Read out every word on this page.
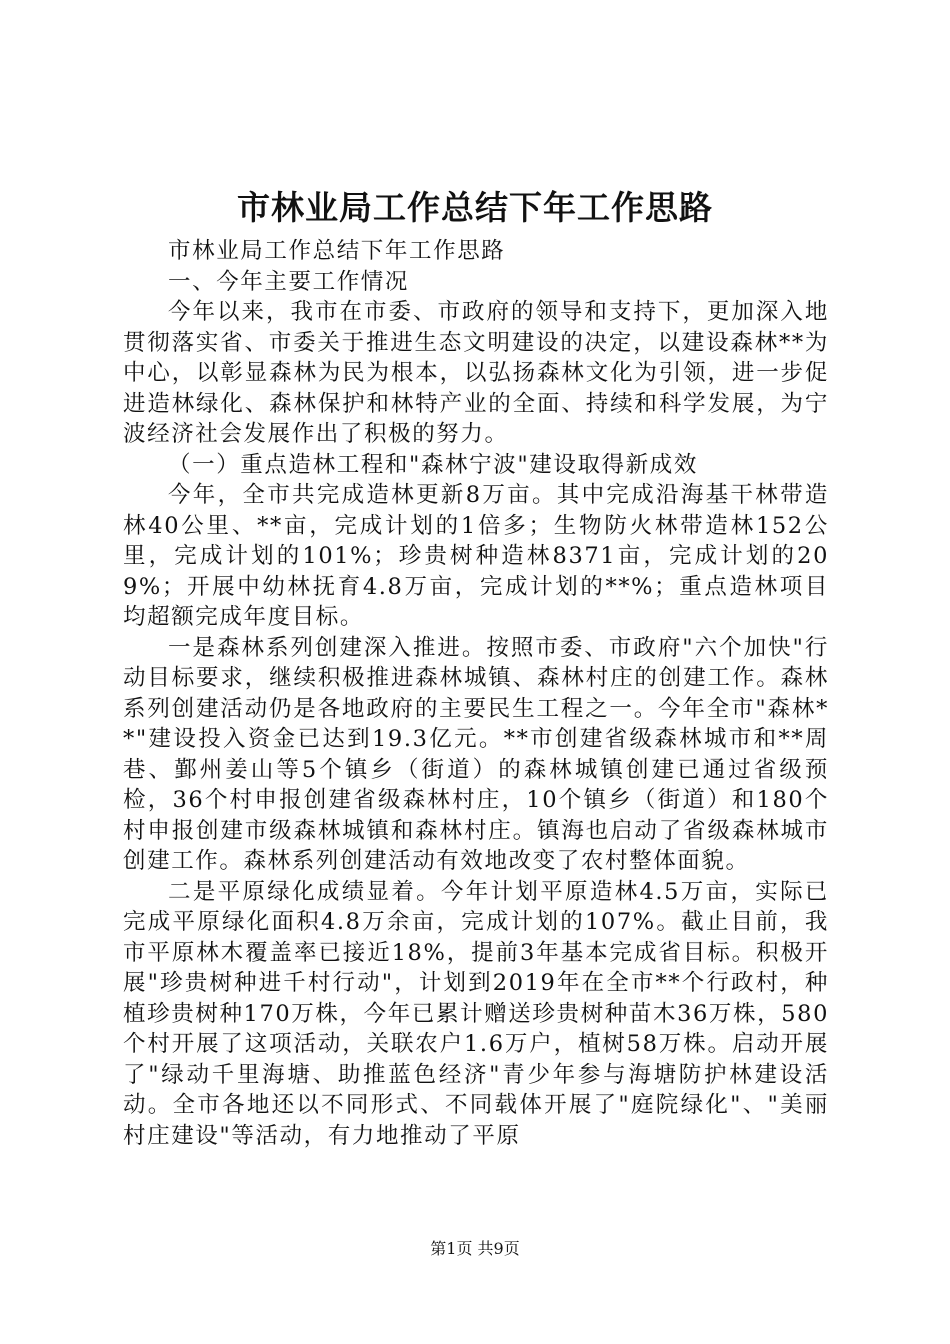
市林业局工作总结下年工作思路

市林业局工作总结下年工作思路

一、今年主要工作情况

今年以来，我市在市委、市政府的领导和支持下，更加深入地贯彻落实省、市委关于推进生态文明建设的决定，以建设森林**为中心，以彰显森林为民为根本，以弘扬森林文化为引领，进一步促进造林绿化、森林保护和林特产业的全面、持续和科学发展，为宁波经济社会发展作出了积极的努力。

（一）重点造林工程和"森林宁波"建设取得新成效

今年，全市共完成造林更新8万亩。其中完成沿海基干林带造林40公里、**亩，完成计划的1倍多；生物防火林带造林152公里，完成计划的101%；珍贵树种造林8371亩，完成计划的209%；开展中幼林抚育4.8万亩，完成计划的**%；重点造林项目均超额完成年度目标。

一是森林系列创建深入推进。按照市委、市政府"六个加快"行动目标要求，继续积极推进森林城镇、森林村庄的创建工作。森林系列创建活动仍是各地政府的主要民生工程之一。今年全市"森林**"建设投入资金已达到19.3亿元。**市创建省级森林城市和**周巷、鄞州姜山等5个镇乡（街道）的森林城镇创建已通过省级预检，36个村申报创建省级森林村庄，10个镇乡（街道）和180个村申报创建市级森林城镇和森林村庄。镇海也启动了省级森林城市创建工作。森林系列创建活动有效地改变了农村整体面貌。

二是平原绿化成绩显着。今年计划平原造林4.5万亩，实际已完成平原绿化面积4.8万余亩，完成计划的107%。截止目前，我市平原林木覆盖率已接近18%，提前3年基本完成省目标。积极开展"珍贵树种进千村行动"，计划到2019年在全市**个行政村，种植珍贵树种170万株，今年已累计赠送珍贵树种苗木36万株，580个村开展了这项活动，关联农户1.6万户，植树58万株。启动开展了"绿动千里海塘、助推蓝色经济"青少年参与海塘防护林建设活动。全市各地还以不同形式、不同载体开展了"庭院绿化"、"美丽村庄建设"等活动，有力地推动了平原

第1页 共9页
